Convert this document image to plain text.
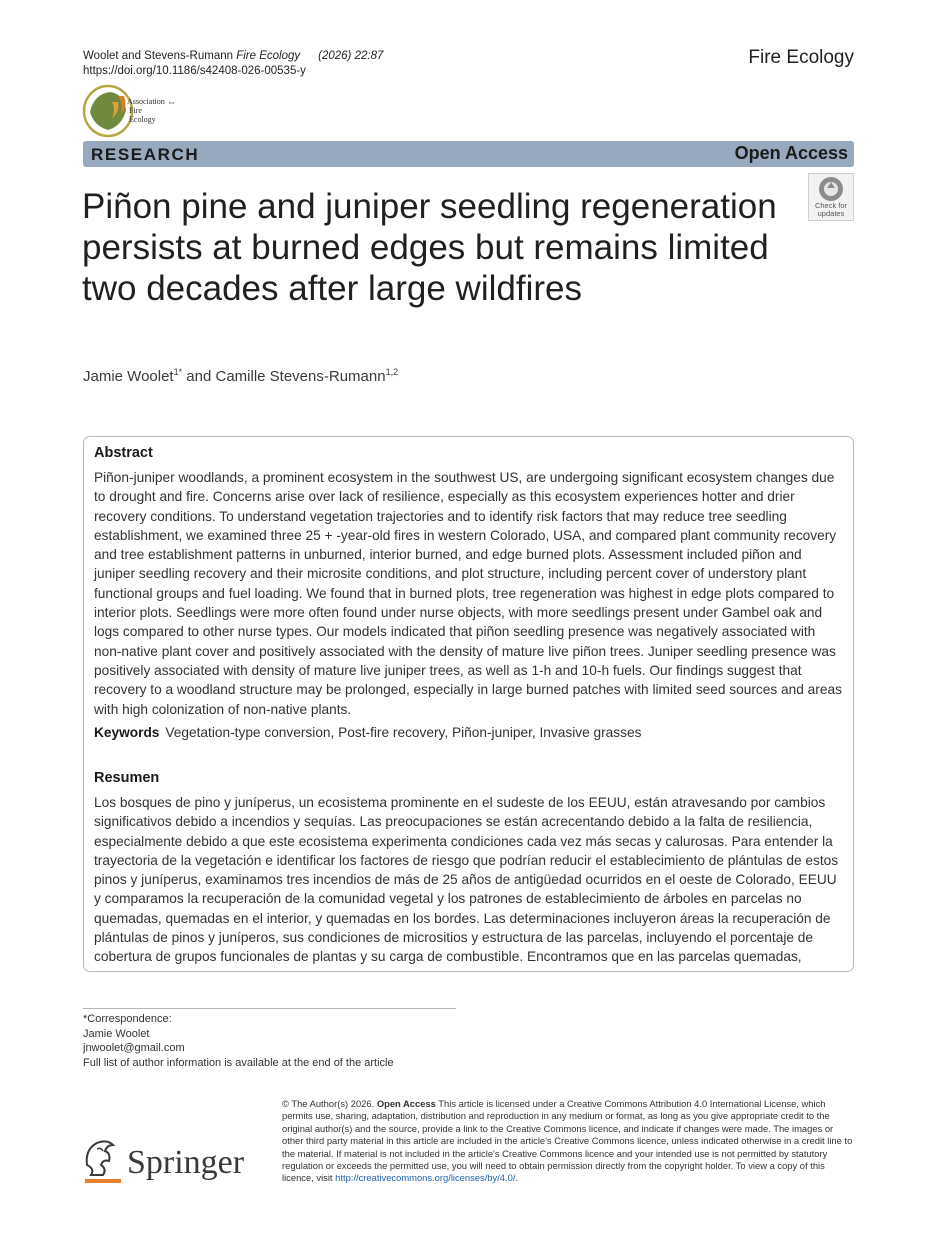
Woolet and Stevens-Rumann Fire Ecology (2026) 22:87
https://doi.org/10.1186/s42408-026-00535-y
Fire Ecology
Association for
Fire
Ecology
RESEARCH	Open Access
Check for
updates
Piñon pine and juniper seedling regeneration persists at burned edges but remains limited two decades after large wildfires
Jamie Woolet$^{1*}$ and Camille Stevens-Rumann$^{1,2}$
Abstract
Piñon-juniper woodlands, a prominent ecosystem in the southwest US, are undergoing significant ecosystem changes due to drought and fire. Concerns arise over lack of resilience, especially as this ecosystem experiences hotter and drier recovery conditions. To understand vegetation trajectories and to identify risk factors that may reduce tree seedling establishment, we examined three 25 + -year-old fires in western Colorado, USA, and compared plant community recovery and tree establishment patterns in unburned, interior burned, and edge burned plots. Assessment included piñon and juniper seedling recovery and their microsite conditions, and plot structure, including percent cover of understory plant functional groups and fuel loading. We found that in burned plots, tree regeneration was highest in edge plots compared to interior plots. Seedlings were more often found under nurse objects, with more seedlings present under Gambel oak and logs compared to other nurse types. Our models indicated that piñon seedling presence was negatively associated with non-native plant cover and positively associated with the density of mature live piñon trees. Juniper seedling presence was positively associated with density of mature live juniper trees, as well as 1-h and 10-h fuels. Our findings suggest that recovery to a woodland structure may be prolonged, especially in large burned patches with limited seed sources and areas with high colonization of non-native plants.
Keywords Vegetation-type conversion, Post-fire recovery, Piñon-juniper, Invasive grasses
Resumen
Los bosques de pino y juníperus, un ecosistema prominente en el sudeste de los EEUU, están atravesando por cambios significativos debido a incendios y sequías. Las preocupaciones se están acrecentando debido a la falta de resiliencia, especialmente debido a que este ecosistema experimenta condiciones cada vez más secas y calurosas. Para entender la trayectoria de la vegetación e identificar los factores de riesgo que podrían reducir el establecimiento de plántulas de estos pinos y juníperus, examinamos tres incendios de más de 25 años de antigüedad ocurridos en el oeste de Colorado, EEUU y comparamos la recuperación de la comunidad vegetal y los patrones de establecimiento de árboles en parcelas no quemadas, quemadas en el interior, y quemadas en los bordes. Las determinaciones incluyeron áreas la recuperación de plántulas de pinos y juníperos, sus condiciones de micrositios y estructura de las parcelas, incluyendo el porcentaje de cobertura de grupos funcionales de plantas y su carga de combustible. Encontramos que en las parcelas quemadas,
*Correspondence:
Jamie Woolet
jnwoolet@gmail.com
Full list of author information is available at the end of the article
Springer
© The Author(s) 2026. Open Access This article is licensed under a Creative Commons Attribution 4.0 International License, which permits use, sharing, adaptation, distribution and reproduction in any medium or format, as long as you give appropriate credit to the original author(s) and the source, provide a link to the Creative Commons licence, and indicate if changes were made. The images or other third party material in this article are included in the article's Creative Commons licence, unless indicated otherwise in a credit line to the material. If material is not included in the article's Creative Commons licence and your intended use is not permitted by statutory regulation or exceeds the permitted use, you will need to obtain permission directly from the copyright holder. To view a copy of this licence, visit http://creativecommons.org/licenses/by/4.0/.
